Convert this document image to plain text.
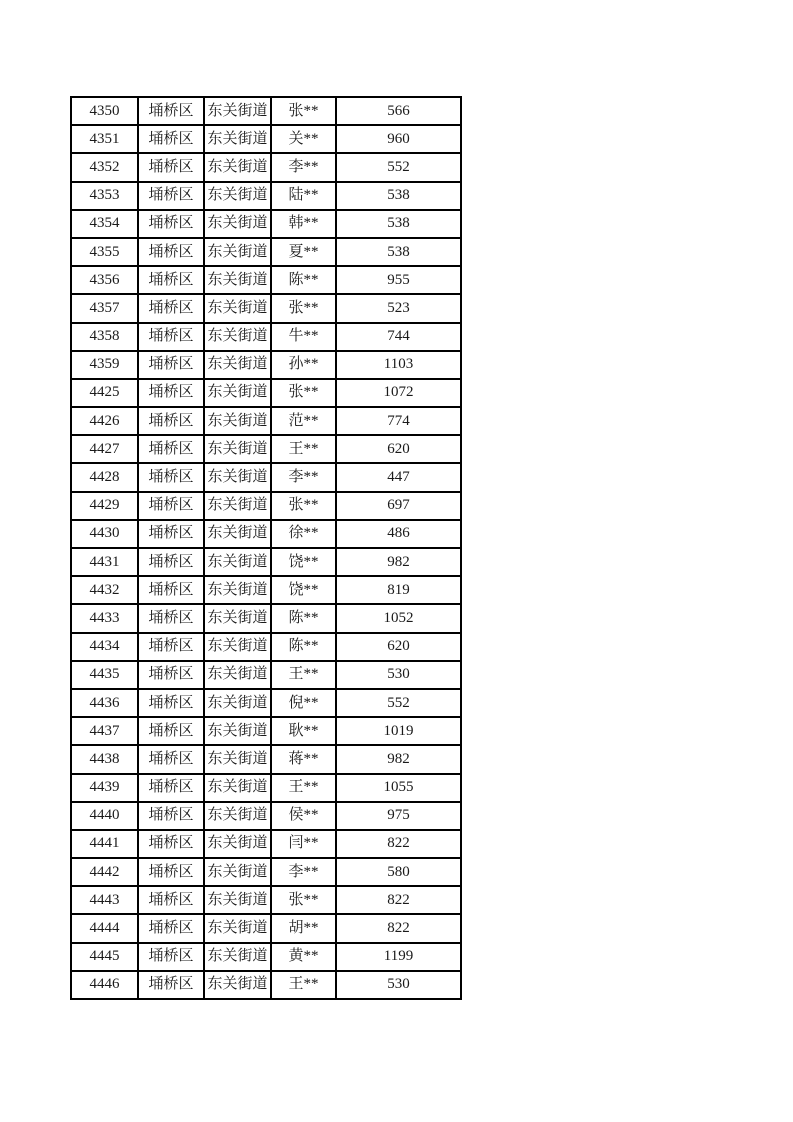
4350	埇桥区	东关街道	张**	566
4351	埇桥区	东关街道	关**	960
4352	埇桥区	东关街道	李**	552
4353	埇桥区	东关街道	陆**	538
4354	埇桥区	东关街道	韩**	538
4355	埇桥区	东关街道	夏**	538
4356	埇桥区	东关街道	陈**	955
4357	埇桥区	东关街道	张**	523
4358	埇桥区	东关街道	牛**	744
4359	埇桥区	东关街道	孙**	1103
4425	埇桥区	东关街道	张**	1072
4426	埇桥区	东关街道	范**	774
4427	埇桥区	东关街道	王**	620
4428	埇桥区	东关街道	李**	447
4429	埇桥区	东关街道	张**	697
4430	埇桥区	东关街道	徐**	486
4431	埇桥区	东关街道	饶**	982
4432	埇桥区	东关街道	饶**	819
4433	埇桥区	东关街道	陈**	1052
4434	埇桥区	东关街道	陈**	620
4435	埇桥区	东关街道	王**	530
4436	埇桥区	东关街道	倪**	552
4437	埇桥区	东关街道	耿**	1019
4438	埇桥区	东关街道	蒋**	982
4439	埇桥区	东关街道	王**	1055
4440	埇桥区	东关街道	侯**	975
4441	埇桥区	东关街道	闫**	822
4442	埇桥区	东关街道	李**	580
4443	埇桥区	东关街道	张**	822
4444	埇桥区	东关街道	胡**	822
4445	埇桥区	东关街道	黄**	1199
4446	埇桥区	东关街道	王**	530
